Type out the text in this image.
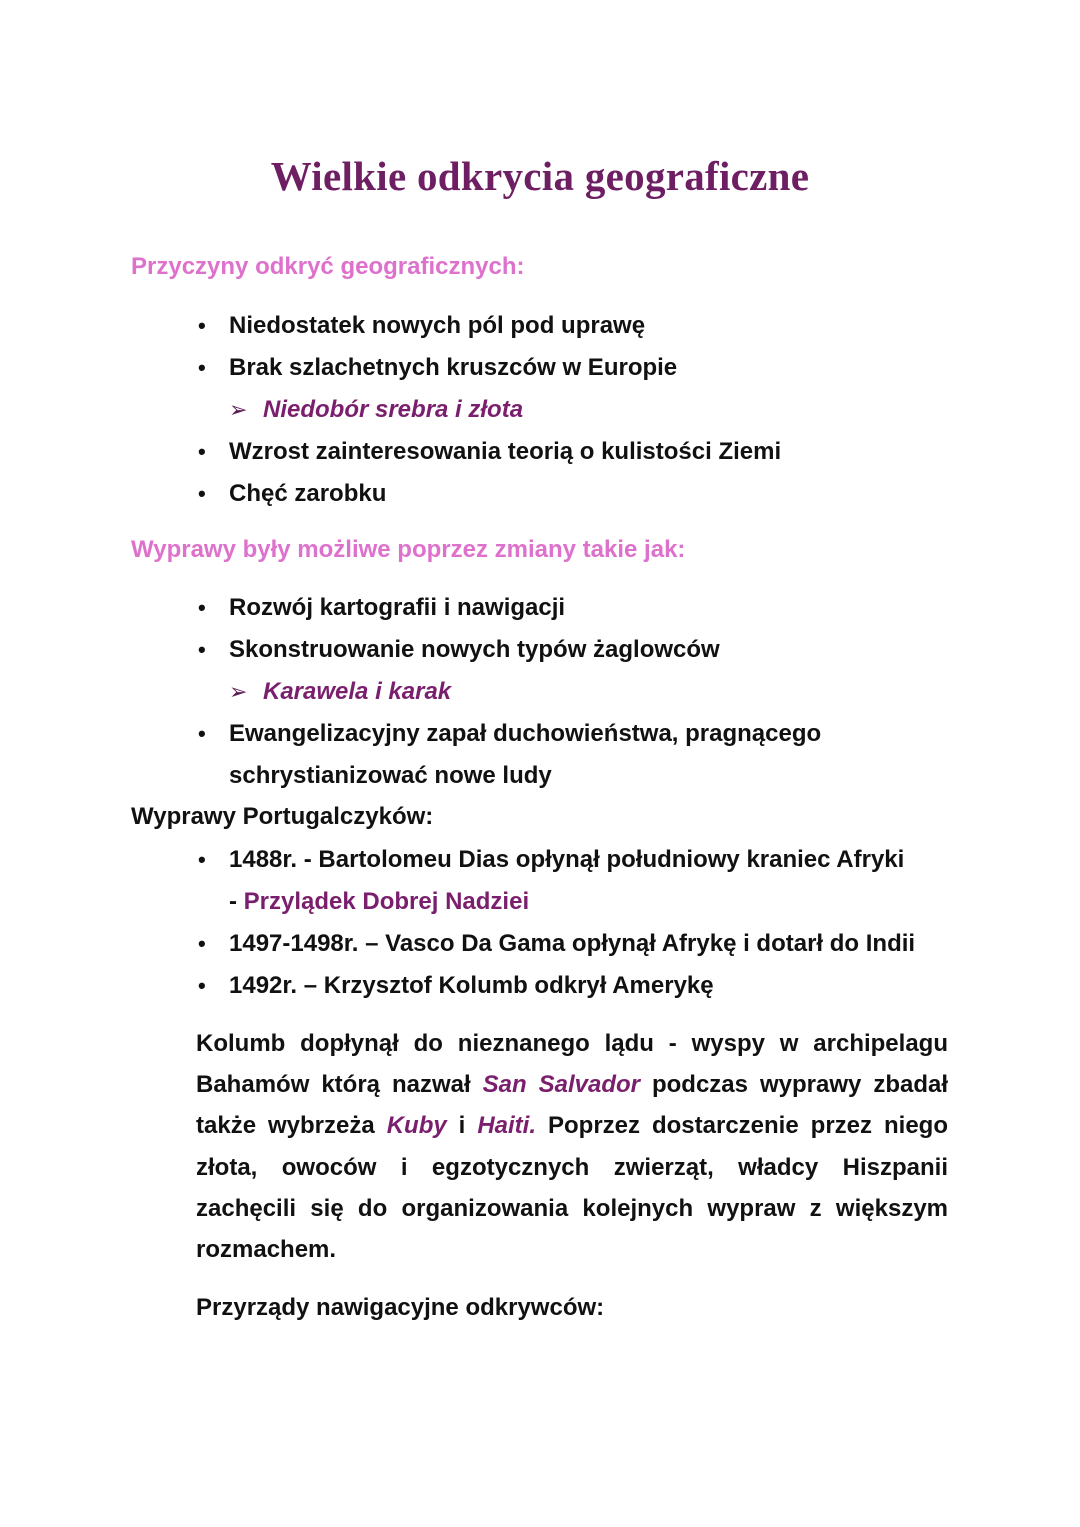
Wielkie odkrycia geograficzne
Przyczyny odkryć geograficznych:
• Niedostatek nowych pól pod uprawę
• Brak szlachetnych kruszców w Europie
➢ Niedobór srebra i złota
• Wzrost zainteresowania teorią o kulistości Ziemi
• Chęć zarobku
Wyprawy były możliwe poprzez zmiany takie jak:
• Rozwój kartografii i nawigacji
• Skonstruowanie nowych typów żaglowców
➢ Karawela i karak
• Ewangelizacyjny zapał duchowieństwa, pragnącego
schrystianizować nowe ludy
Wyprawy Portugalczyków:
• 1488r. - Bartolomeu Dias opłynął południowy kraniec Afryki
- Przylądek Dobrej Nadziei
• 1497-1498r. – Vasco Da Gama opłynął Afrykę i dotarł do Indii
• 1492r. – Krzysztof Kolumb odkrył Amerykę
Kolumb dopłynął do nieznanego lądu - wyspy w archipelagu Bahamów którą nazwał San Salvador podczas wyprawy zbadał także wybrzeża Kuby i Haiti. Poprzez dostarczenie przez niego złota, owoców i egzotycznych zwierząt, władcy Hiszpanii zachęcili się do organizowania kolejnych wypraw z większym rozmachem.
Przyrządy nawigacyjne odkrywców:
